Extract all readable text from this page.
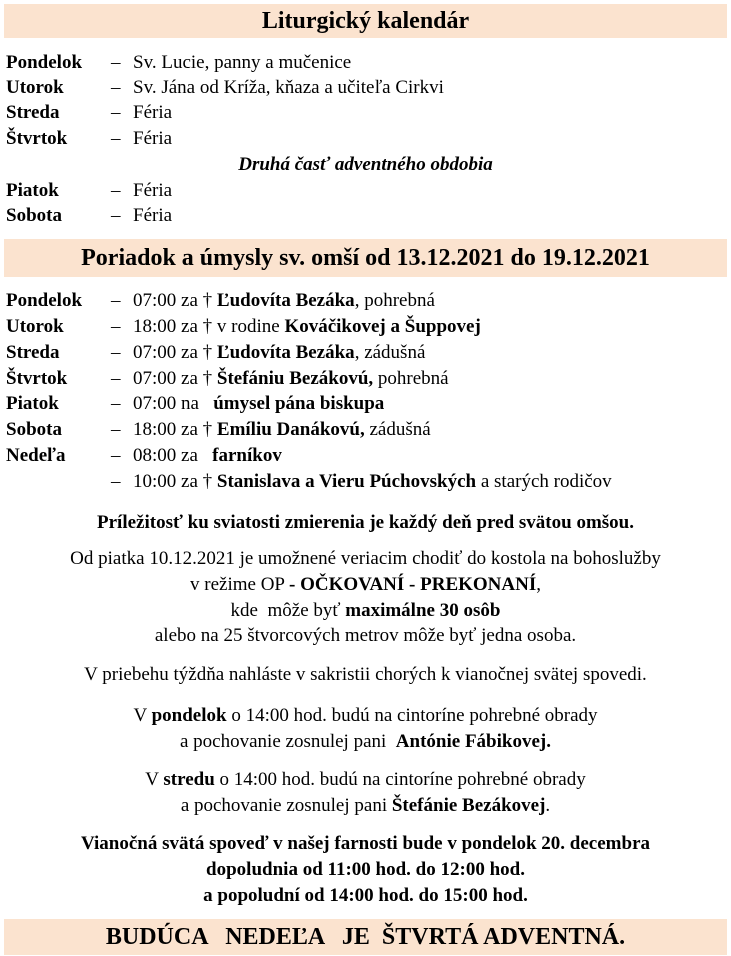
Liturgický kalendár
Pondelok – Sv. Lucie, panny a mučenice
Utorok – Sv. Jána od Kríža, kňaza a učiteľa Cirkvi
Streda	– Féria
Štvrtok – Féria
Druhá časť adventného obdobia
Piatok	– Féria
Sobota	– Féria
Poriadok a úmysly sv. omší od 13.12.2021 do 19.12.2021
Pondelok – 07:00 za † Ľudovíta Bezáka, pohrebná
Utorok – 18:00 za † v rodine Kováčikovej a Šuppovej
Streda	– 07:00 za † Ľudovíta Bezáka, zádušná
Štvrtok – 07:00 za † Štefániu Bezákovú, pohrebná
Piatok	– 07:00 na   úmysel pána biskupa
Sobota	– 18:00 za † Emíliu Danákovú, zádušná
Nedeľa – 08:00 za   farníkov
– 10:00 za † Stanislava a Vieru Púchovských a starých rodičov
Príležitosť ku sviatosti zmierenia je každý deň pred svätou omšou.
Od piatka 10.12.2021 je umožnené veriacim chodiť do kostola na bohoslužby
v režime OP - OČKOVANÍ - PREKONANÍ,
kde  môže byť maximálne 30 osôb
alebo na 25 štvorcových metrov môže byť jedna osoba.
V priebehu týždňa nahláste v sakristii chorých k vianočnej svätej spovedi.
V pondelok o 14:00 hod. budú na cintoríne pohrebné obrady
a pochovanie zosnulej pani  Antónie Fábikovej.
V stredu o 14:00 hod. budú na cintoríne pohrebné obrady
a pochovanie zosnulej pani Štefánie Bezákovej.
Vianočná svätá spoveď v našej farnosti bude v pondelok 20. decembra
dopoludnia od 11:00 hod. do 12:00 hod.
a popoludní od 14:00 hod. do 15:00 hod.
BUDÚCA   NEDEĽA   JE  ŠTVRTÁ ADVENTNÁ.
